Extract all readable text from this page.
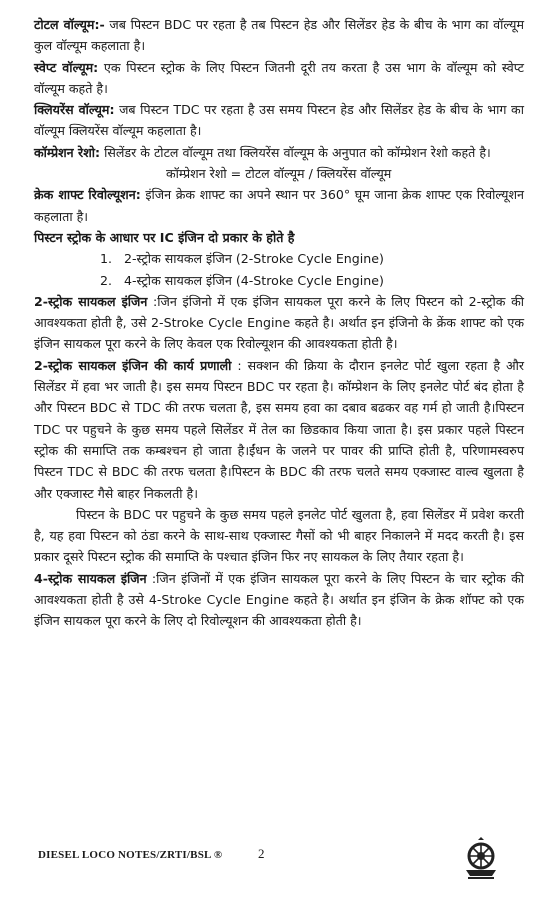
टोटल वॉल्यूम:- जब पिस्टन BDC पर रहता है तब पिस्टन हेड और सिलेंडर हेड के बीच के भाग का वॉल्यूम कुल वॉल्यूम कहलाता है।

स्वेप्ट वॉल्यूम: एक पिस्टन स्ट्रोक के लिए पिस्टन जितनी दूरी तय करता है उस भाग के वॉल्यूम को स्वेप्ट वॉल्यूम कहते है।

क्लियरेंस वॉल्यूम: जब पिस्टन TDC पर रहता है उस समय पिस्टन हेड और सिलेंडर हेड के बीच के भाग का वॉल्यूम क्लियरेंस वॉल्यूम कहलाता है।

कॉम्प्रेशन रेशो: सिलेंडर के टोटल वॉल्यूम तथा क्लियरेंस वॉल्यूम के अनुपात को कॉम्प्रेशन रेशो कहते है।

कॉम्प्रेशन रेशो = टोटल वॉल्यूम / क्लियरेंस वॉल्यूम

क्रेक शाफ्ट रिवोल्यूशन: इंजिन क्रेक शाफ्ट का अपने स्थान पर 360° घूम जाना क्रेक शाफ्ट एक रिवोल्यूशन कहलाता है।

पिस्टन स्ट्रोक के आधार पर IC इंजिन दो प्रकार के होते है

1. 2-स्ट्रोक सायकल इंजिन (2-Stroke Cycle Engine)
2. 4-स्ट्रोक सायकल इंजिन (4-Stroke Cycle Engine)

2-स्ट्रोक सायकल इंजिन :जिन इंजिनो में एक इंजिन सायकल पूरा करने के लिए पिस्टन को 2-स्ट्रोक की आवश्यकता होती है, उसे 2-Stroke Cycle Engine कहते है। अर्थात इन इंजिनो के क्रेंक शाफ्ट को एक इंजिन सायकल पूरा करने के लिए केवल एक रिवोल्यूशन की आवश्यकता होती है।

2-स्ट्रोक सायकल इंजिन की कार्य प्रणाली : सक्शन की क्रिया के दौरान इनलेट पोर्ट खुला रहता है और सिलेंडर में हवा भर जाती है। इस समय पिस्टन BDC पर रहता है। कॉम्प्रेशन के लिए इनलेट पोर्ट बंद होता है और पिस्टन BDC से TDC की तरफ चलता है, इस समय हवा का दबाव बढकर वह गर्म हो जाती है।पिस्टन TDC पर पहुचने के कुछ समय पहले सिलेंडर में तेल का छिडकाव किया जाता है। इस प्रकार पहले पिस्टन स्ट्रोक की समाप्ति तक कम्बश्चन हो जाता है।ईंधन के जलने पर पावर की प्राप्ति होती है, परिणामस्वरुप पिस्टन TDC से BDC की तरफ चलता है।पिस्टन के BDC की तरफ चलते समय एक्जास्ट वाल्व खुलता है और एक्जास्ट गैसे बाहर निकलती है।

पिस्टन के BDC पर पहुचने के कुछ समय पहले इनलेट पोर्ट खुलता है, हवा सिलेंडर में प्रवेश करती है, यह हवा पिस्टन को ठंडा करने के साथ-साथ एक्जास्ट गैसों को भी बाहर निकालने में मदद करती है। इस प्रकार दूसरे पिस्टन स्ट्रोक की समाप्ति के पश्चात इंजिन फिर नए सायकल के लिए तैयार रहता है।

4-स्ट्रोक सायकल इंजिन :जिन इंजिनों में एक इंजिन सायकल पूरा करने के लिए पिस्टन के चार स्ट्रोक की आवश्यकता होती है उसे 4-Stroke Cycle Engine कहते है। अर्थात इन इंजिन के क्रेक शॉफ्ट को एक इंजिन सायकल पूरा करने के लिए दो रिवोल्यूशन की आवश्यकता होती है।

DIESEL LOCO NOTES/ZRTI/BSL ®	2
